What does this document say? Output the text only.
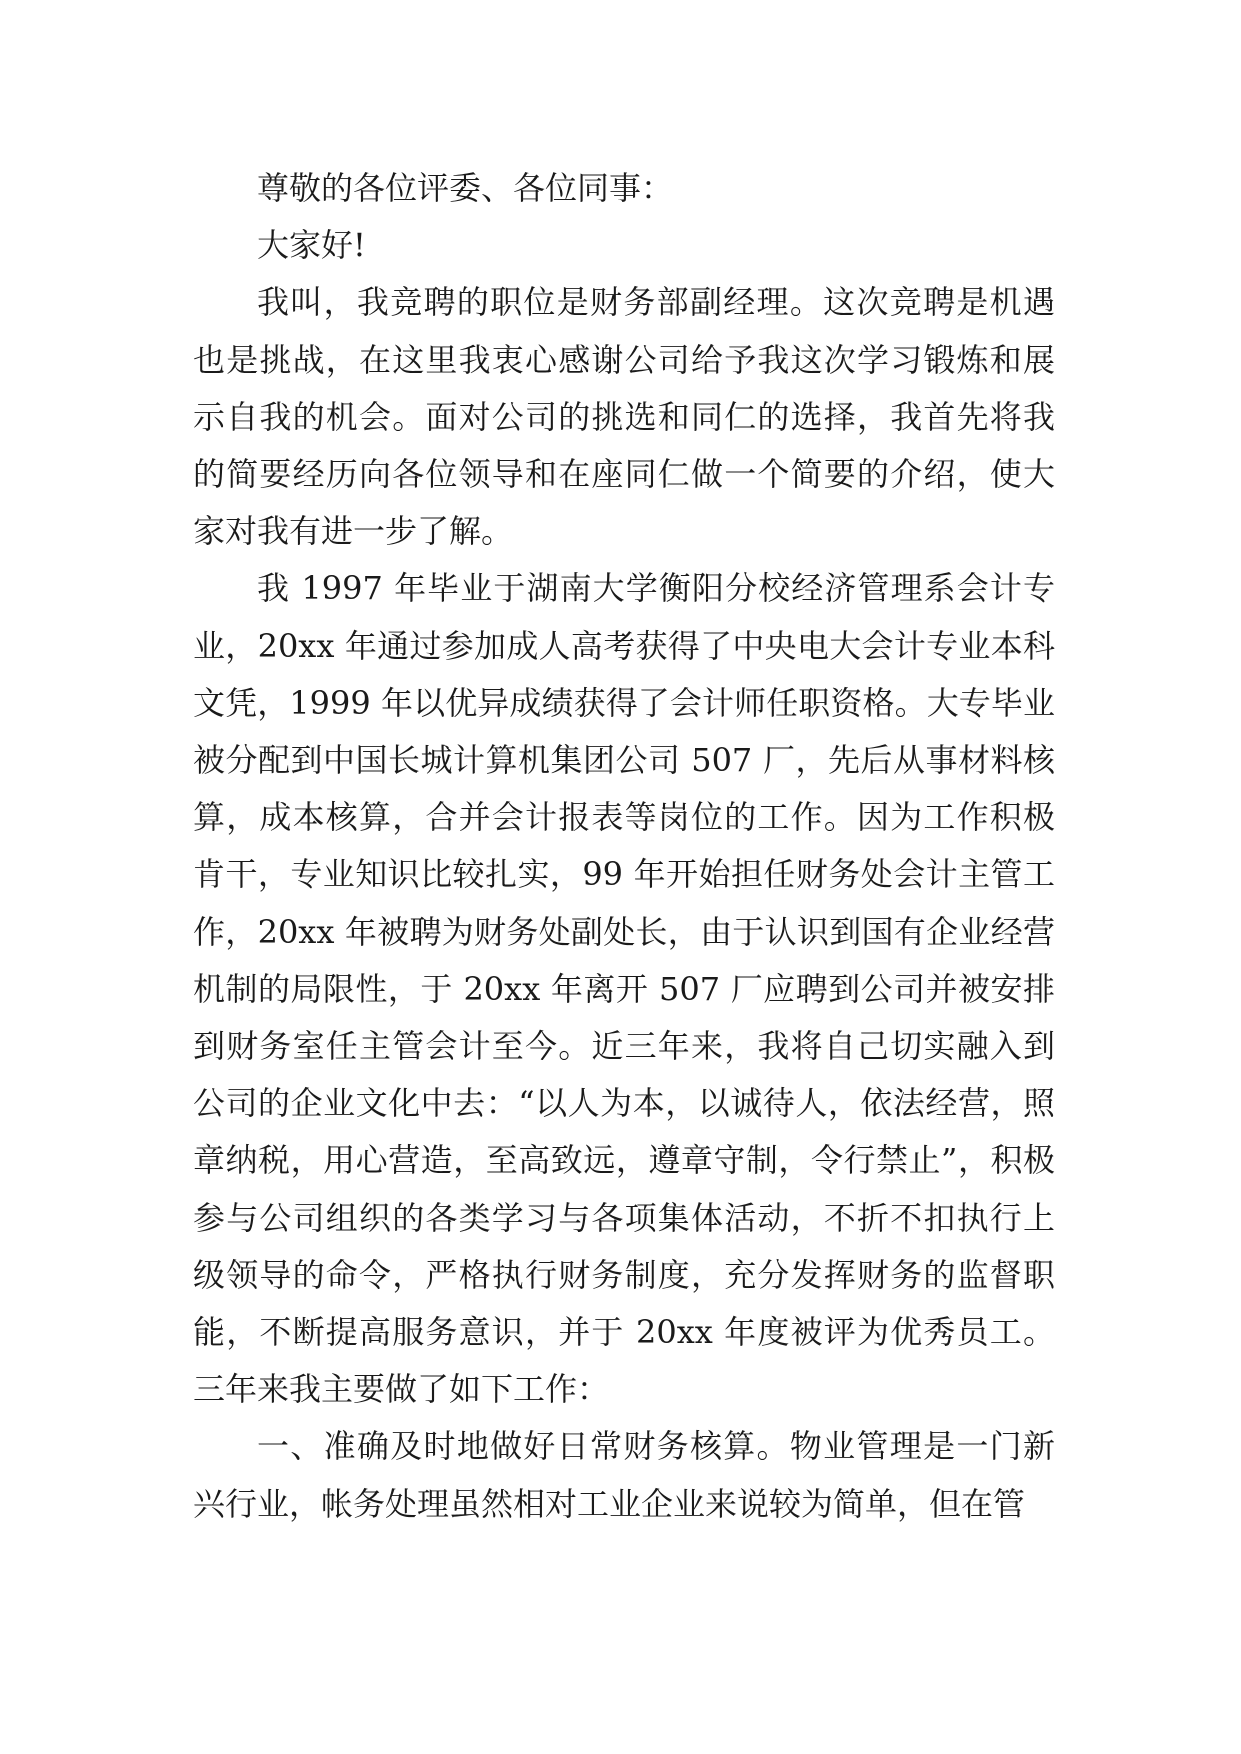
尊敬的各位评委、各位同事：

大家好!

我叫，我竞聘的职位是财务部副经理。这次竞聘是机遇也是挑战，在这里我衷心感谢公司给予我这次学习锻炼和展示自我的机会。面对公司的挑选和同仁的选择，我首先将我的简要经历向各位领导和在座同仁做一个简要的介绍，使大家对我有进一步了解。

我 1997 年毕业于湖南大学衡阳分校经济管理系会计专业，20xx 年通过参加成人高考获得了中央电大会计专业本科文凭，1999 年以优异成绩获得了会计师任职资格。大专毕业被分配到中国长城计算机集团公司 507 厂，先后从事材料核算，成本核算，合并会计报表等岗位的工作。因为工作积极肯干，专业知识比较扎实，99 年开始担任财务处会计主管工作，20xx 年被聘为财务处副处长，由于认识到国有企业经营机制的局限性，于 20xx 年离开 507 厂应聘到公司并被安排到财务室任主管会计至今。近三年来，我将自己切实融入到公司的企业文化中去：“以人为本，以诚待人，依法经营，照章纳税，用心营造，至高致远，遵章守制，令行禁止”，积极参与公司组织的各类学习与各项集体活动，不折不扣执行上级领导的命令，严格执行财务制度，充分发挥财务的监督职能，不断提高服务意识，并于 20xx 年度被评为优秀员工。三年来我主要做了如下工作：

一、准确及时地做好日常财务核算。物业管理是一门新兴行业，帐务处理虽然相对工业企业来说较为简单，但在管
